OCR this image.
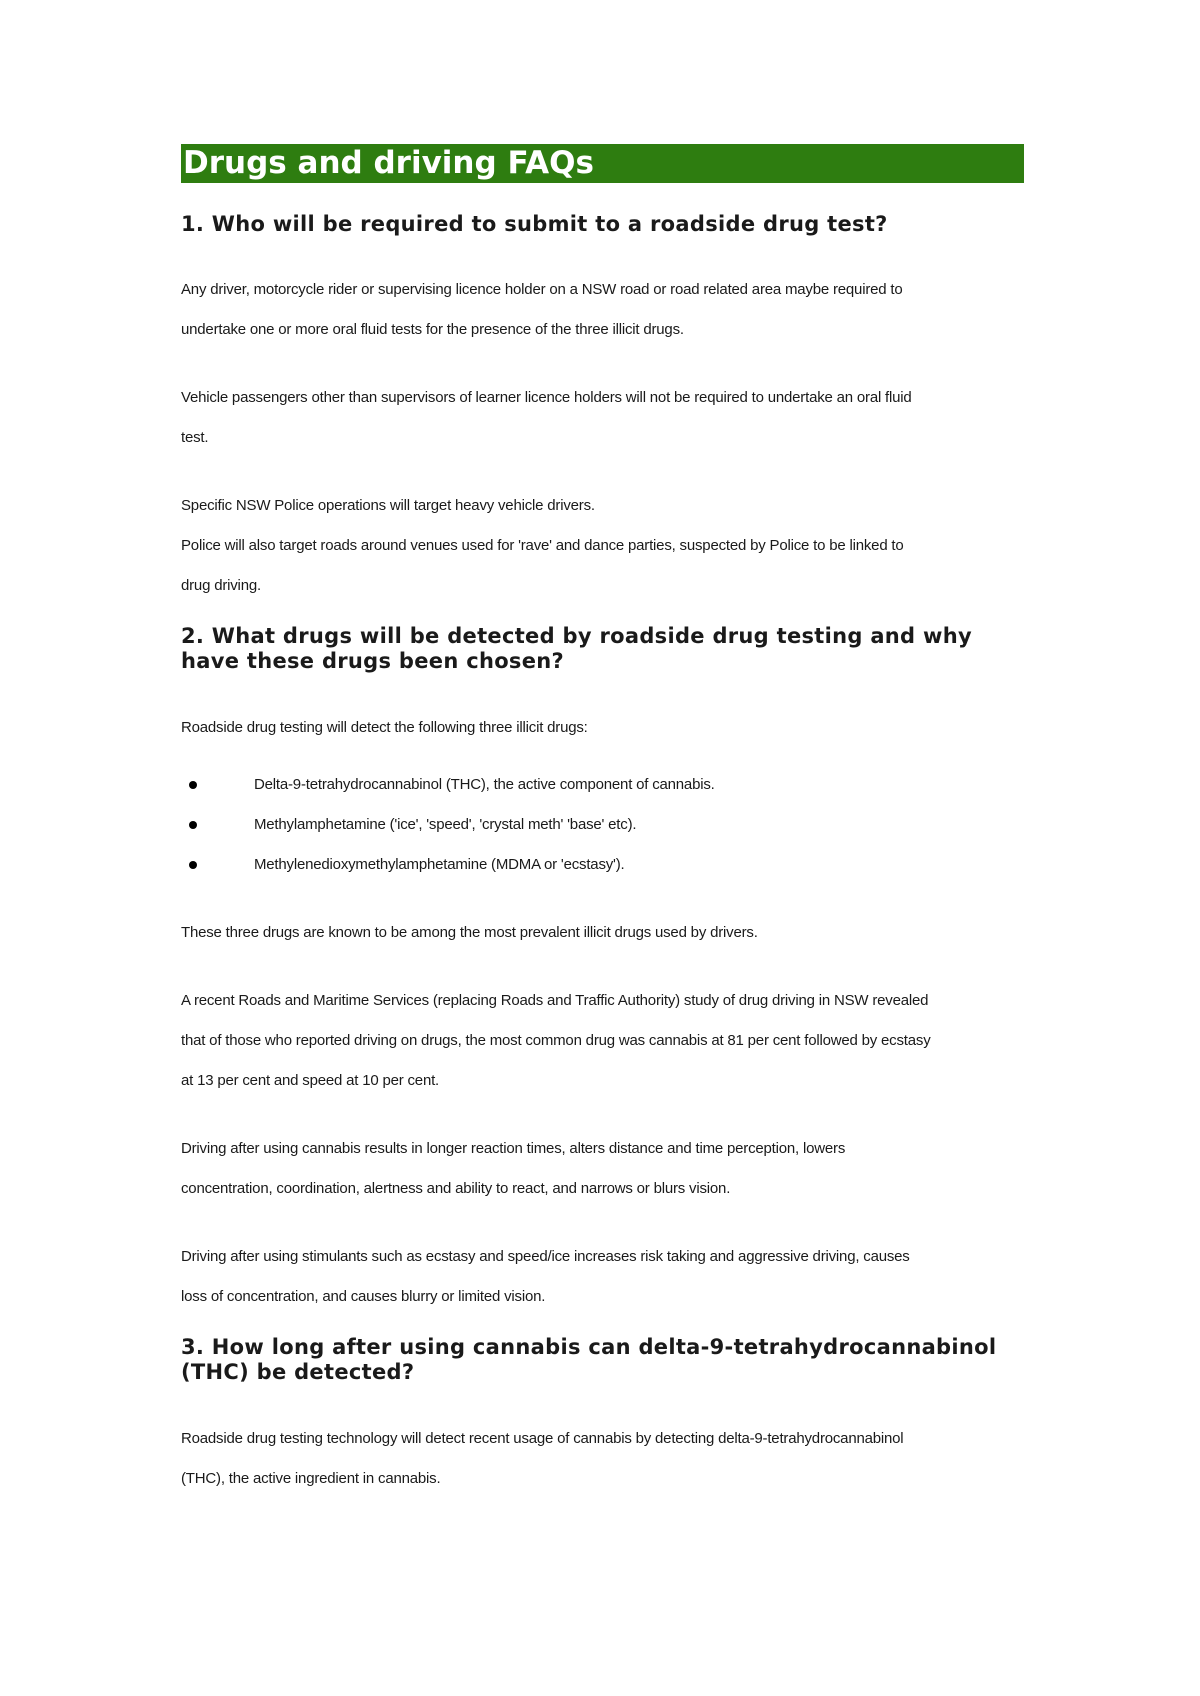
Drugs and driving FAQs
1. Who will be required to submit to a roadside drug test?

Any driver, motorcycle rider or supervising licence holder on a NSW road or road related area maybe required to

undertake one or more oral fluid tests for the presence of the three illicit drugs.

Vehicle passengers other than supervisors of learner licence holders will not be required to undertake an oral fluid

test.

Specific NSW Police operations will target heavy vehicle drivers.

Police will also target roads around venues used for 'rave' and dance parties, suspected by Police to be linked to

drug driving.

2. What drugs will be detected by roadside drug testing and why
have these drugs been chosen?

Roadside drug testing will detect the following three illicit drugs:

Delta-9-tetrahydrocannabinol (THC), the active component of cannabis.
Methylamphetamine ('ice', 'speed', 'crystal meth' 'base' etc).
Methylenedioxymethylamphetamine (MDMA or 'ecstasy').

These three drugs are known to be among the most prevalent illicit drugs used by drivers.

A recent Roads and Maritime Services (replacing Roads and Traffic Authority) study of drug driving in NSW revealed

that of those who reported driving on drugs, the most common drug was cannabis at 81 per cent followed by ecstasy

at 13 per cent and speed at 10 per cent.

Driving after using cannabis results in longer reaction times, alters distance and time perception, lowers

concentration, coordination, alertness and ability to react, and narrows or blurs vision.

Driving after using stimulants such as ecstasy and speed/ice increases risk taking and aggressive driving, causes

loss of concentration, and causes blurry or limited vision.

3. How long after using cannabis can delta-9-tetrahydrocannabinol
(THC) be detected?

Roadside drug testing technology will detect recent usage of cannabis by detecting delta-9-tetrahydrocannabinol

(THC), the active ingredient in cannabis.
